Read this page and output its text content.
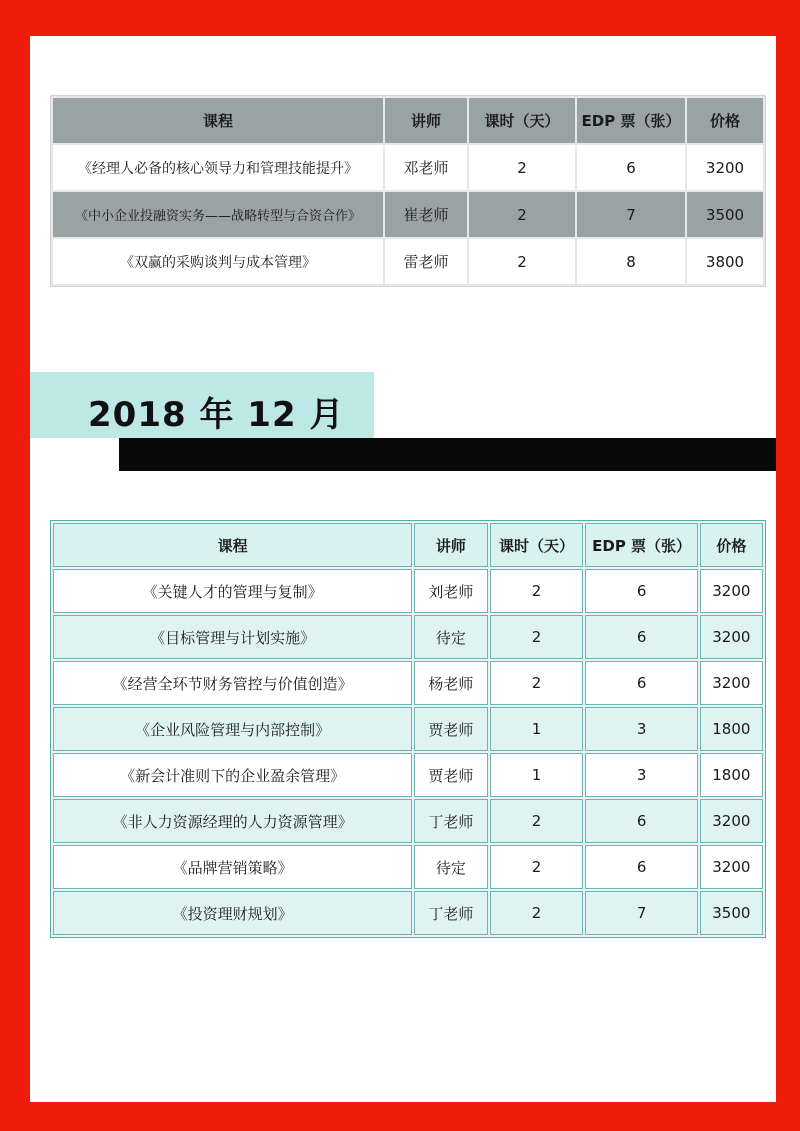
课程	讲师	课时（天）	EDP 票（张）	价格
《经理人必备的核心领导力和管理技能提升》	邓老师	2	6	3200
《中小企业投融资实务——战略转型与合资合作》	崔老师	2	7	3500
《双赢的采购谈判与成本管理》	雷老师	2	8	3800
2018 年 12 月
课程	讲师	课时（天）	EDP 票（张）	价格
《关键人才的管理与复制》	刘老师	2	6	3200
《目标管理与计划实施》	待定	2	6	3200
《经营全环节财务管控与价值创造》	杨老师	2	6	3200
《企业风险管理与内部控制》	贾老师	1	3	1800
《新会计准则下的企业盈余管理》	贾老师	1	3	1800
《非人力资源经理的人力资源管理》	丁老师	2	6	3200
《品牌营销策略》	待定	2	6	3200
《投资理财规划》	丁老师	2	7	3500
